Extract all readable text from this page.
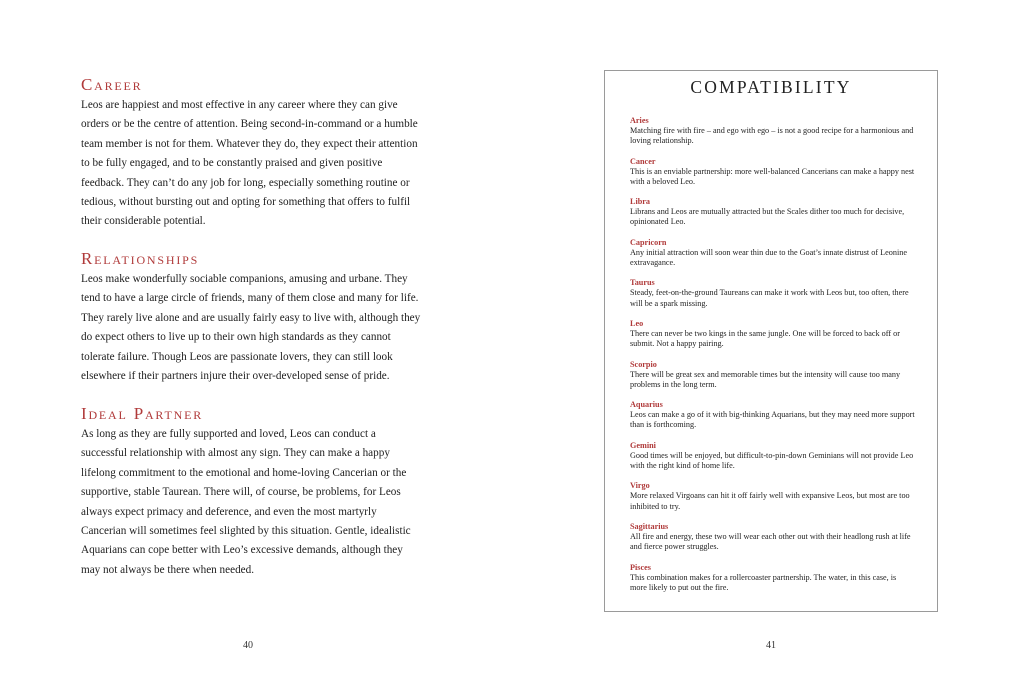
Career

Leos are happiest and most effective in any career where they can give orders or be the centre of attention. Being second-in-command or a humble team member is not for them. Whatever they do, they expect their attention to be fully engaged, and to be constantly praised and given positive feedback. They can’t do any job for long, especially something routine or tedious, without bursting out and opting for something that offers to fulfil their considerable potential.

Relationships

Leos make wonderfully sociable companions, amusing and urbane. They tend to have a large circle of friends, many of them close and many for life. They rarely live alone and are usually fairly easy to live with, although they do expect others to live up to their own high standards as they cannot tolerate failure. Though Leos are passionate lovers, they can still look elsewhere if their partners injure their over-developed sense of pride.

Ideal Partner

As long as they are fully supported and loved, Leos can conduct a successful relationship with almost any sign. They can make a happy lifelong commitment to the emotional and home-loving Cancerian or the supportive, stable Taurean. There will, of course, be problems, for Leos always expect primacy and deference, and even the most martyrly Cancerian will sometimes feel slighted by this situation. Gentle, idealistic Aquarians can cope better with Leo’s excessive demands, although they may not always be there when needed.

40
COMPATIBILITY
Aries
Matching fire with fire – and ego with ego – is not a good recipe for a harmonious and loving relationship.
Cancer
This is an enviable partnership: more well-balanced Cancerians can make a happy nest with a beloved Leo.
Libra
Librans and Leos are mutually attracted but the Scales dither too much for decisive, opinionated Leo.
Capricorn
Any initial attraction will soon wear thin due to the Goat’s innate distrust of Leonine extravagance.
Taurus
Steady, feet-on-the-ground Taureans can make it work with Leos but, too often, there will be a spark missing.
Leo
There can never be two kings in the same jungle. One will be forced to back off or submit. Not a happy pairing.
Scorpio
There will be great sex and memorable times but the intensity will cause too many problems in the long term.
Aquarius
Leos can make a go of it with big-thinking Aquarians, but they may need more support than is forthcoming.
Gemini
Good times will be enjoyed, but difficult-to-pin-down Geminians will not provide Leo with the right kind of home life.
Virgo
More relaxed Virgoans can hit it off fairly well with expansive Leos, but most are too inhibited to try.
Sagittarius
All fire and energy, these two will wear each other out with their headlong rush at life and fierce power struggles.
Pisces
This combination makes for a rollercoaster partnership. The water, in this case, is more likely to put out the fire.
41
